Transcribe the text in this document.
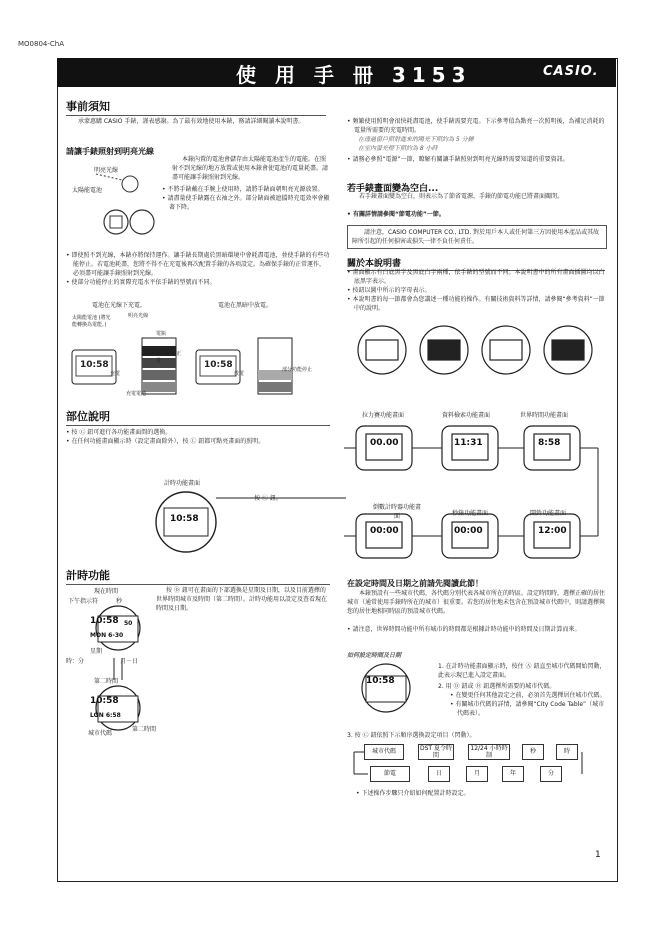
MO0804-ChA
使 用 手 冊 3153	CASIO.
事前須知
承蒙惠購 CASIO 手錶，謹表感謝。為了最有效地使用本錶，務請詳細閱讀本說明書。
請讓手錶照射到明亮光線
明亮光線
太陽能電池
本錶內置的電池會儲存由太陽能電池產生的電能。在照射不到光線的地方放置或使用本錶會使電池的電量耗盡。請盡可能讓手錶照射到光線。
• 不將手錶戴在手腕上使用時，請將手錶面朝明亮光源放置。
• 請盡量使手錶露在衣袖之外。部分錶面被遮擋時充電效率會顯著下降。
• 即使照不到光線，本錶亦將保持運作。讓手錶長期處於黑暗環境中會耗盡電池，並使手錶的有些功能停止。若電池耗盡，您將不得不在充電後再次配置手錶的各項設定。為確保手錶的正常運作，必須盡可能讓手錶照射到光線。
• 使部分功能停止的實際充電水平依手錶的型號而不同。
電池在光線下充電。	電池在黑暗中放電。
10:58	10:58
太陽能電池 (將光能轉換為電能。)
明亮光線
電瓶
所有功能正常
充電	放電
部分功能停止
充電電池
• 頻繁使用照明會很快耗盡電池，使手錶需要充電。下示參考值為點亮一次照明後，為補足消耗的電量所需要的充電時間。
在透過窗戶照射進來的陽光下照約為 5 分鐘
在室內螢光燈下照約為 8 小時
• 請務必參照“電源”一節，瞭解有關讓手錶照射到明亮光線時需要知道的重要資訊。
若手錶畫面變為空白...
若手錶畫面變為空白，則表示為了節省電源，手錶的節電功能已將畫面關閉。
• 有關詳情請參閱“節電功能”一節。
請注意，CASIO COMPUTER CO., LTD. 對於用戶本人或任何第三方因使用本產品或其故障所引起的任何損害或損失一律不負任何責任。
關於本說明書
• 畫面顯示有白底黑字及黑底白字兩種，依手錶的型號而不同。本說明書中的所有畫面插圖均以白底黑字表示。
• 按鈕以圖中所示的字母表示。
• 本說明書的每一節都會為您講述一種功能的操作。有關技術資料等詳情，請參閱“參考資料”一節中的說明。
部位說明
• 按 Ⓒ 鈕可進行各功能畫面間的選換。
• 在任何功能畫面顯示時（設定畫面除外），按 Ⓛ 鈕都可點亮畫面的照明。
拉力賽功能畫面	資料檢索功能畫面	世界時間功能畫面
00.00	11:31	8:58
00:00	00:00	12:00
倒數計時器功能畫面	秒錶功能畫面	鬧鈴功能畫面
計時功能畫面
10:58
按 Ⓒ 鈕。
計時功能
現在時間
下午指示符	秒
10:58 50
MON 6-30
10:58
LON 6:58
星期
時：分	月－日
第二時間
城市代碼
第二時間
按 Ⓓ 鈕可在畫面的下部選換是星期及日期，以及目前選擇的世界時間城市及時間（第二時間）。計時功能用以設定及查看現在時間及日期。
在設定時間及日期之前請先閱讀此節！
本錶預設有一些城市代碼，各代碼分別代表各城市所在的時區。設定時間時，選擇正確的居住城市（通常使用手錶時所在的城市）很重要。若您的居住地未包含在預設城市代碼中，則請選擇與您的居住地相同時區的預設城市代碼。
• 請注意，世界時間功能中所有城市的時間都是根據計時功能中的時間及日期計算而來。
如何設定時間及日期
10:58
1. 在計時功能畫面顯示時，按住 Ⓐ 鈕直至城市代碼開始閃動，此表示現已進入設定畫面。
2. 用 Ⓓ 鈕或 Ⓑ 鈕選擇所需要的城市代碼。
• 在變更任何其他設定之前，必須首先選擇居住城市代碼。
• 有關城市代碼的詳情，請參閱“City Code Table”（城市代碼表）。
3. 按 Ⓒ 鈕依照下示順序選換設定項目（閃動）。
城市代碼	DST 夏令時間
12/24 小時時制
秒	時
分
年
月
日
節電
• 下述操作步驟只介紹如何配置計時設定。
1
